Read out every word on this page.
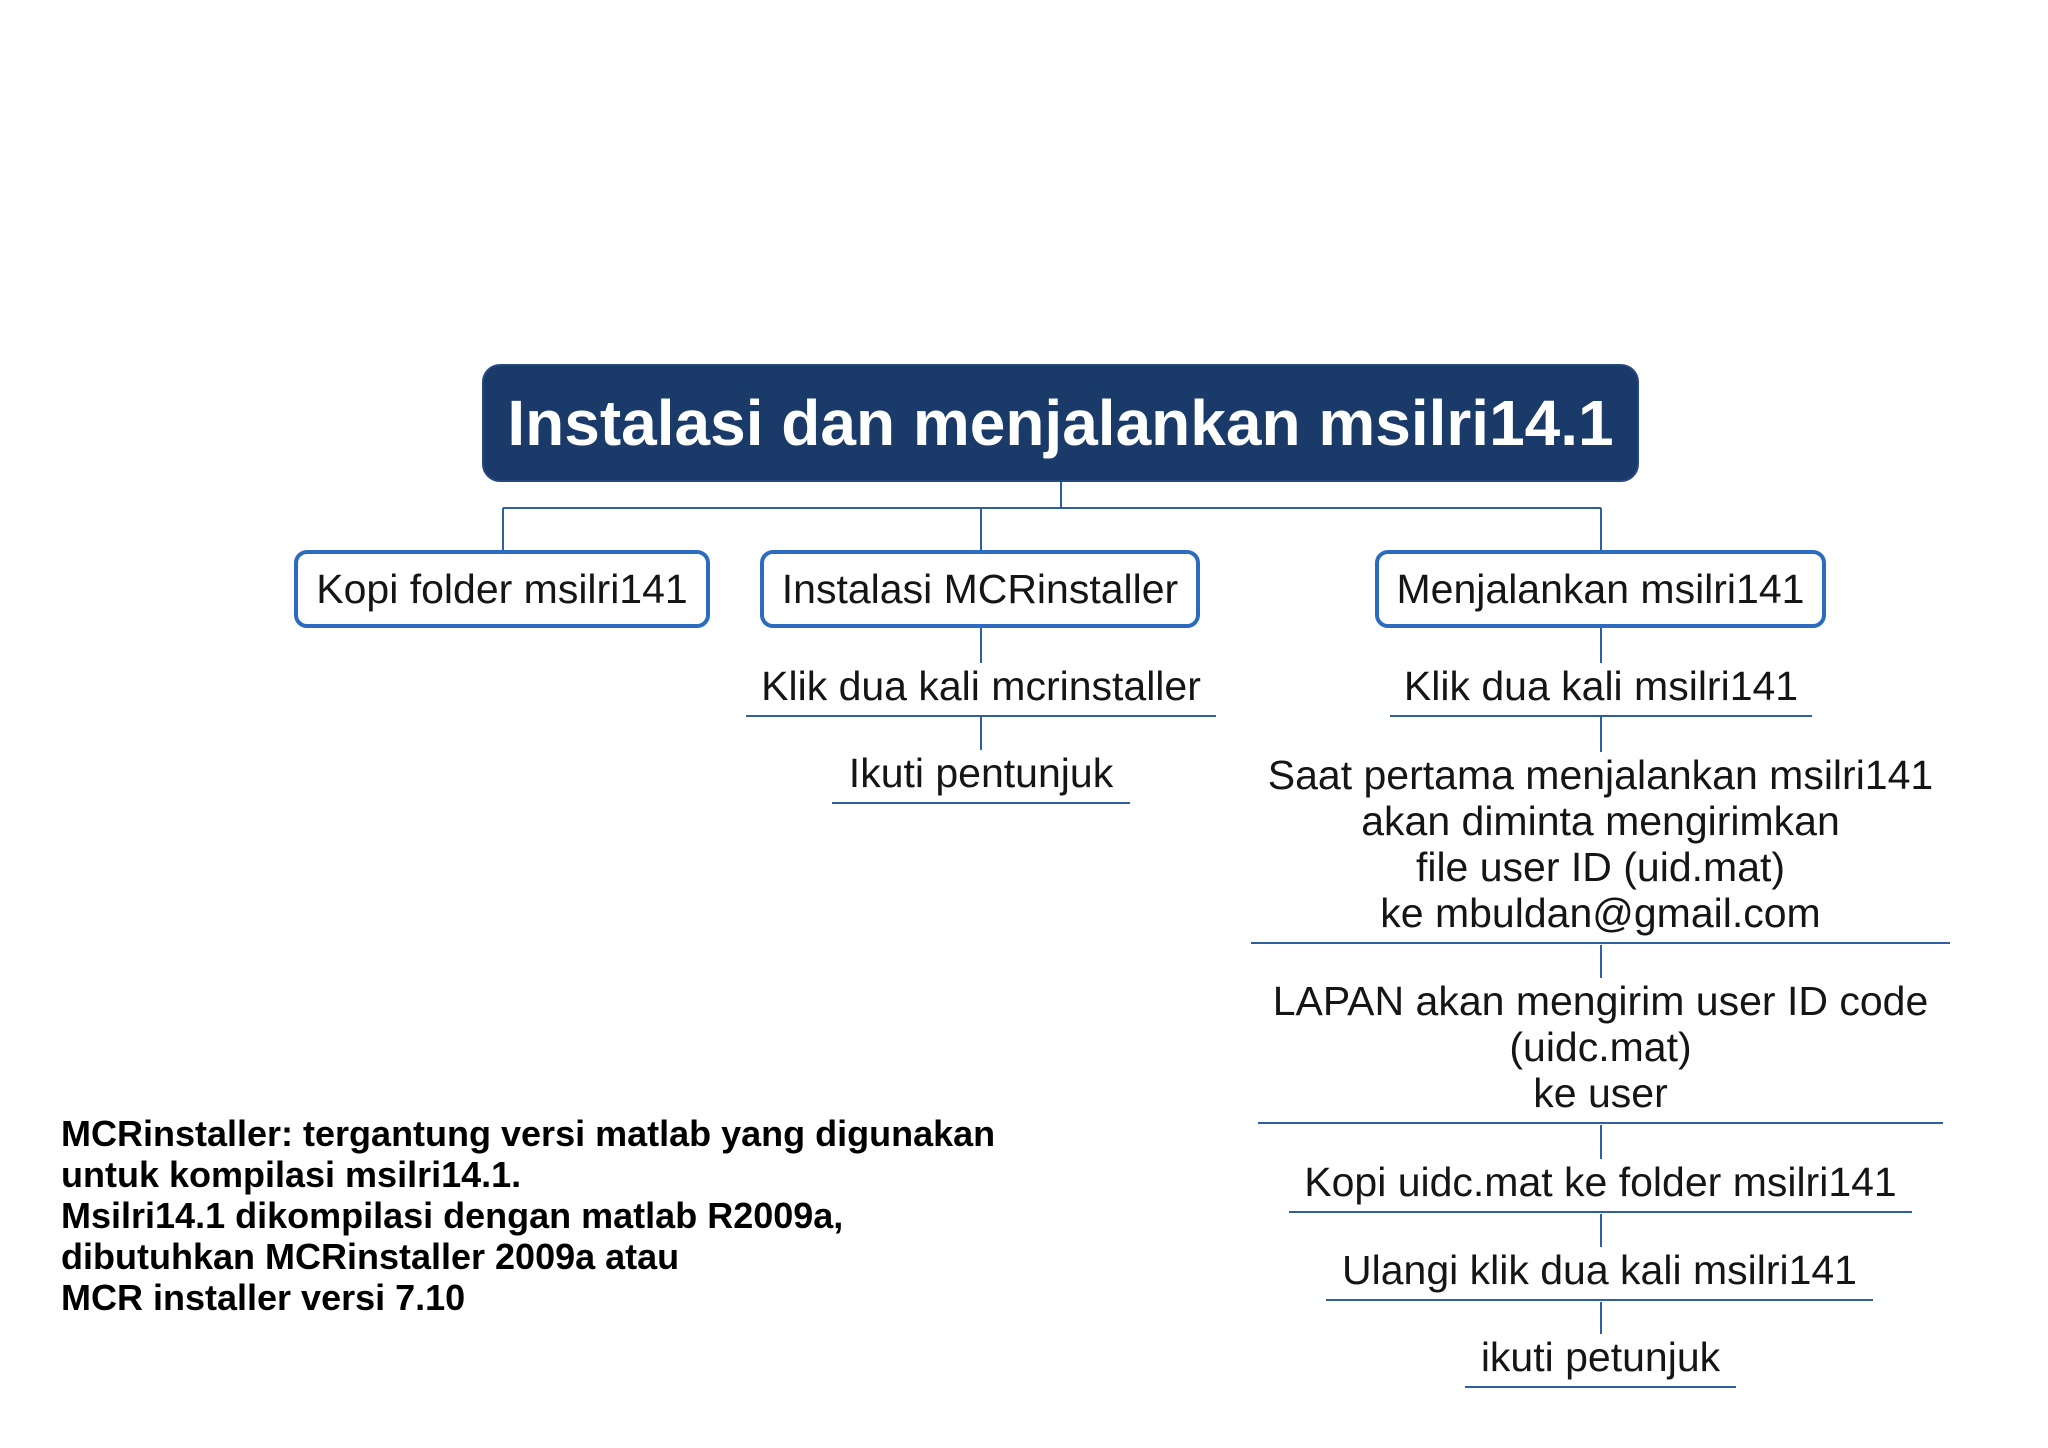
Instalasi dan menjalankan msilri14.1
Kopi folder msilri141	Instalasi MCRinstaller	Menjalankan msilri141
Klik dua kali mcrinstaller
Ikuti pentunjuk
Klik dua kali msilri141
Saat pertama menjalankan msilri141
akan diminta mengirimkan
file user ID (uid.mat)
ke mbuldan@gmail.com
LAPAN akan mengirim user ID code
(uidc.mat)
ke user
Kopi uidc.mat ke folder msilri141
Ulangi klik dua kali msilri141
ikuti petunjuk
MCRinstaller: tergantung versi matlab yang digunakan
untuk kompilasi msilri14.1.
Msilri14.1 dikompilasi dengan matlab R2009a,
dibutuhkan MCRinstaller 2009a atau
MCR installer versi 7.10
